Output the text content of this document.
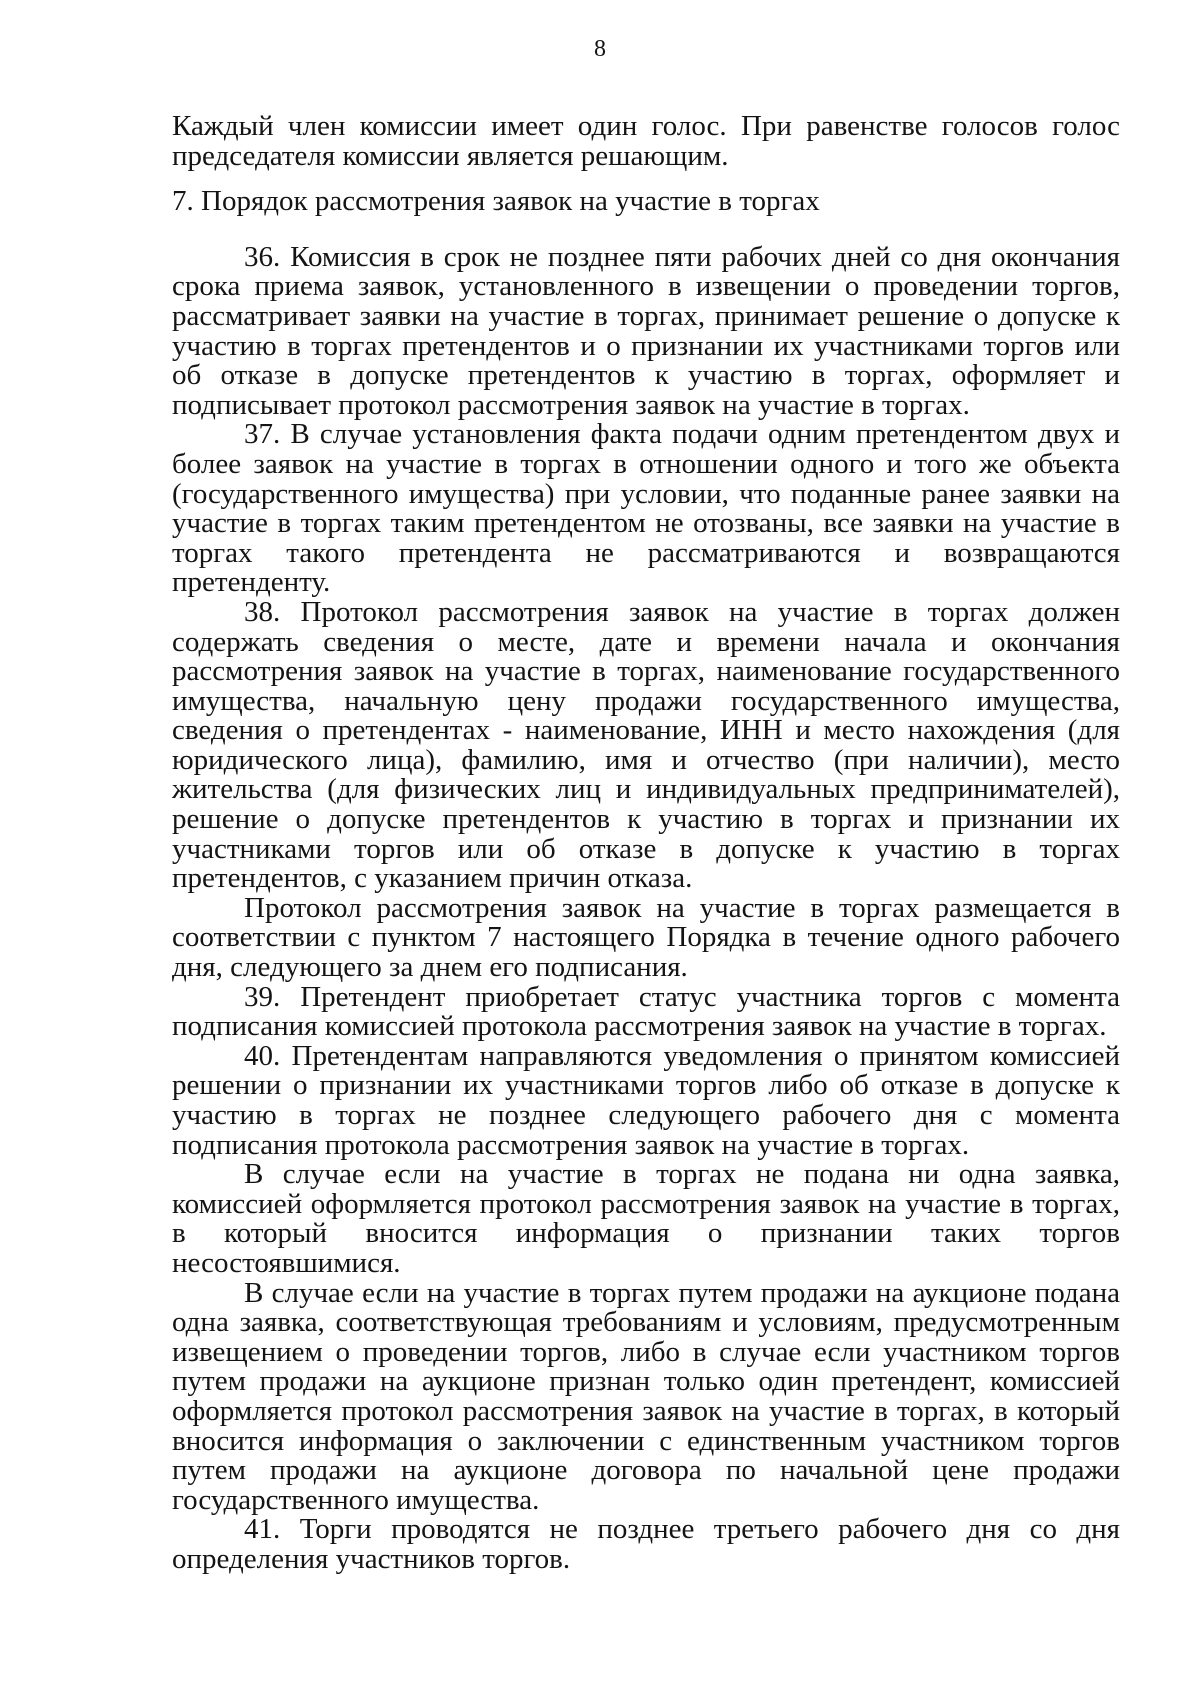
8

Каждый член комиссии имеет один голос. При равенстве голосов голос председателя комиссии является решающим.

7. Порядок рассмотрения заявок на участие в торгах

36. Комиссия в срок не позднее пяти рабочих дней со дня окончания срока приема заявок, установленного в извещении о проведении торгов, рассматривает заявки на участие в торгах, принимает решение о допуске к участию в торгах претендентов и о признании их участниками торгов или об отказе в допуске претендентов к участию в торгах, оформляет и подписывает протокол рассмотрения заявок на участие в торгах.

37. В случае установления факта подачи одним претендентом двух и более заявок на участие в торгах в отношении одного и того же объекта (государственного имущества) при условии, что поданные ранее заявки на участие в торгах таким претендентом не отозваны, все заявки на участие в торгах такого претендента не рассматриваются и возвращаются претенденту.

38. Протокол рассмотрения заявок на участие в торгах должен содержать сведения о месте, дате и времени начала и окончания рассмотрения заявок на участие в торгах, наименование государственного имущества, начальную цену продажи государственного имущества, сведения о претендентах - наименование, ИНН и место нахождения (для юридического лица), фамилию, имя и отчество (при наличии), место жительства (для физических лиц и индивидуальных предпринимателей), решение о допуске претендентов к участию в торгах и признании их участниками торгов или об отказе в допуске к участию в торгах претендентов, с указанием причин отказа.

Протокол рассмотрения заявок на участие в торгах размещается в соответствии с пунктом 7 настоящего Порядка в течение одного рабочего дня, следующего за днем его подписания.

39. Претендент приобретает статус участника торгов с момента подписания комиссией протокола рассмотрения заявок на участие в торгах.

40. Претендентам направляются уведомления о принятом комиссией решении о признании их участниками торгов либо об отказе в допуске к участию в торгах не позднее следующего рабочего дня с момента подписания протокола рассмотрения заявок на участие в торгах.

В случае если на участие в торгах не подана ни одна заявка, комиссией оформляется протокол рассмотрения заявок на участие в торгах, в который вносится информация о признании таких торгов несостоявшимися.

В случае если на участие в торгах путем продажи на аукционе подана одна заявка, соответствующая требованиям и условиям, предусмотренным извещением о проведении торгов, либо в случае если участником торгов путем продажи на аукционе признан только один претендент, комиссией оформляется протокол рассмотрения заявок на участие в торгах, в который вносится информация о заключении с единственным участником торгов путем продажи на аукционе договора по начальной цене продажи государственного имущества.

41. Торги проводятся не позднее третьего рабочего дня со дня определения участников торгов.
